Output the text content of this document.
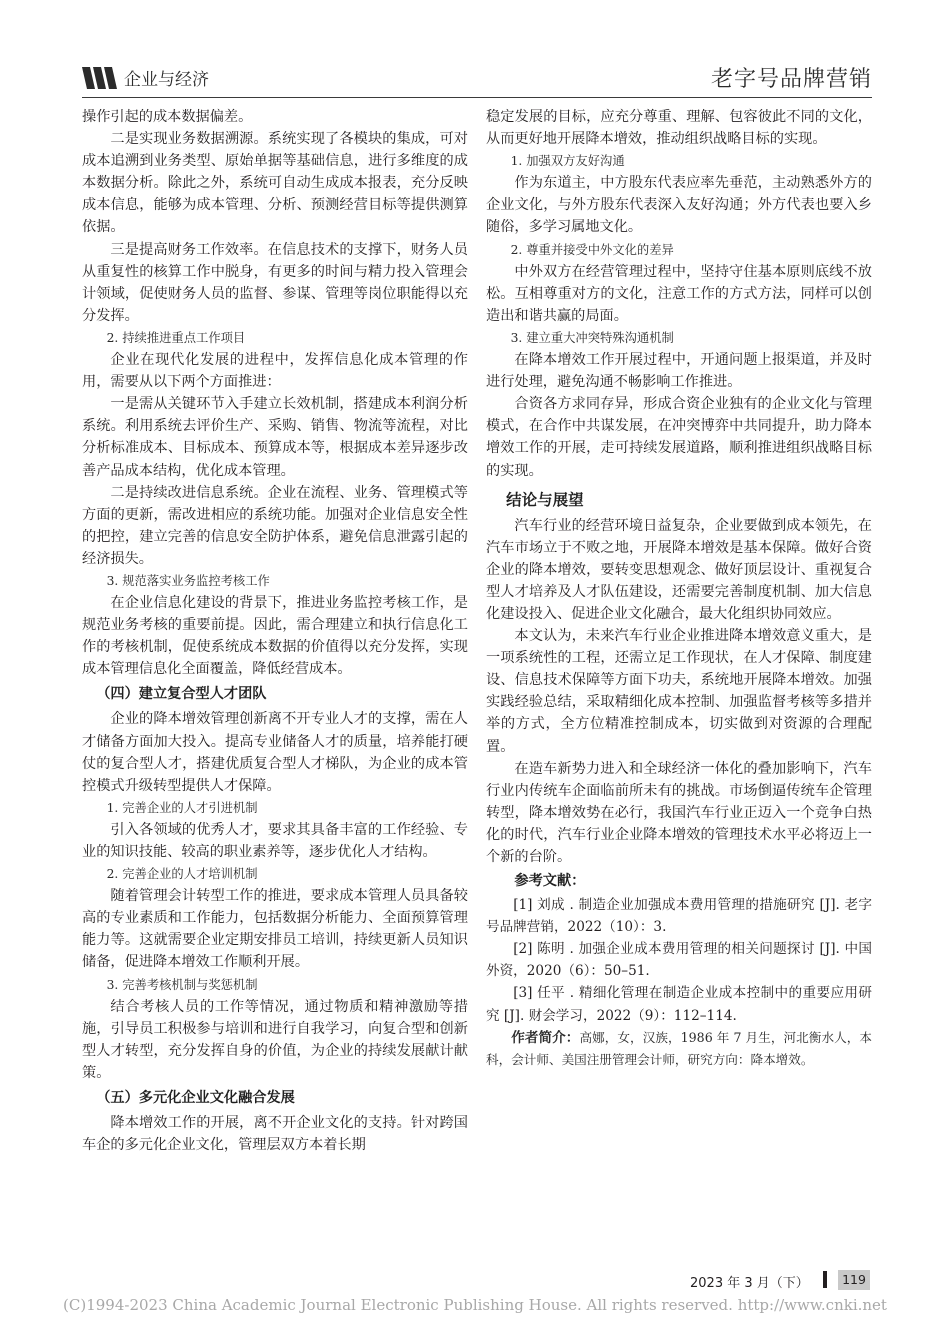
企业与经济	老字号品牌营销

操作引起的成本数据偏差。

二是实现业务数据溯源。系统实现了各模块的集成，可对成本追溯到业务类型、原始单据等基础信息，进行多维度的成本数据分析。除此之外，系统可自动生成成本报表，充分反映成本信息，能够为成本管理、分析、预测经营目标等提供测算依据。

三是提高财务工作效率。在信息技术的支撑下，财务人员从重复性的核算工作中脱身，有更多的时间与精力投入管理会计领域，促使财务人员的监督、参谋、管理等岗位职能得以充分发挥。

2. 持续推进重点工作项目

企业在现代化发展的进程中，发挥信息化成本管理的作用，需要从以下两个方面推进：

一是需从关键环节入手建立长效机制，搭建成本利润分析系统。利用系统去评价生产、采购、销售、物流等流程，对比分析标准成本、目标成本、预算成本等，根据成本差异逐步改善产品成本结构，优化成本管理。

二是持续改进信息系统。企业在流程、业务、管理模式等方面的更新，需改进相应的系统功能。加强对企业信息安全性的把控，建立完善的信息安全防护体系，避免信息泄露引起的经济损失。

3. 规范落实业务监控考核工作

在企业信息化建设的背景下，推进业务监控考核工作，是规范业务考核的重要前提。因此，需合理建立和执行信息化工作的考核机制，促使系统成本数据的价值得以充分发挥，实现成本管理信息化全面覆盖，降低经营成本。

（四）建立复合型人才团队

企业的降本增效管理创新离不开专业人才的支撑，需在人才储备方面加大投入。提高专业储备人才的质量，培养能打硬仗的复合型人才，搭建优质复合型人才梯队，为企业的成本管控模式升级转型提供人才保障。

1. 完善企业的人才引进机制

引入各领域的优秀人才，要求其具备丰富的工作经验、专业的知识技能、较高的职业素养等，逐步优化人才结构。

2. 完善企业的人才培训机制

随着管理会计转型工作的推进，要求成本管理人员具备较高的专业素质和工作能力，包括数据分析能力、全面预算管理能力等。这就需要企业定期安排员工培训，持续更新人员知识储备，促进降本增效工作顺利开展。

3. 完善考核机制与奖惩机制

结合考核人员的工作等情况，通过物质和精神激励等措施，引导员工积极参与培训和进行自我学习，向复合型和创新型人才转型，充分发挥自身的价值，为企业的持续发展献计献策。

（五）多元化企业文化融合发展

降本增效工作的开展，离不开企业文化的支持。针对跨国车企的多元化企业文化，管理层双方本着长期

稳定发展的目标，应充分尊重、理解、包容彼此不同的文化，从而更好地开展降本增效，推动组织战略目标的实现。

1. 加强双方友好沟通

作为东道主，中方股东代表应率先垂范，主动熟悉外方的企业文化，与外方股东代表深入友好沟通；外方代表也要入乡随俗，多学习属地文化。

2. 尊重并接受中外文化的差异

中外双方在经营管理过程中，坚持守住基本原则底线不放松。互相尊重对方的文化，注意工作的方式方法，同样可以创造出和谐共赢的局面。

3. 建立重大冲突特殊沟通机制

在降本增效工作开展过程中，开通问题上报渠道，并及时进行处理，避免沟通不畅影响工作推进。

合资各方求同存异，形成合资企业独有的企业文化与管理模式，在合作中共谋发展，在冲突博弈中共同提升，助力降本增效工作的开展，走可持续发展道路，顺利推进组织战略目标的实现。

结论与展望

汽车行业的经营环境日益复杂，企业要做到成本领先，在汽车市场立于不败之地，开展降本增效是基本保障。做好合资企业的降本增效，要转变思想观念、做好顶层设计、重视复合型人才培养及人才队伍建设，还需要完善制度机制、加大信息化建设投入、促进企业文化融合，最大化组织协同效应。

本文认为，未来汽车行业企业推进降本增效意义重大，是一项系统性的工程，还需立足工作现状，在人才保障、制度建设、信息技术保障等方面下功夫，系统地开展降本增效。加强实践经验总结，采取精细化成本控制、加强监督考核等多措并举的方式，全方位精准控制成本，切实做到对资源的合理配置。

在造车新势力进入和全球经济一体化的叠加影响下，汽车行业内传统车企面临前所未有的挑战。市场倒逼传统车企管理转型，降本增效势在必行，我国汽车行业正迈入一个竞争白热化的时代，汽车行业企业降本增效的管理技术水平必将迈上一个新的台阶。

参考文献：

[1] 刘成 . 制造企业加强成本费用管理的措施研究 [J]. 老字号品牌营销，2022（10）：3.

[2] 陈明 . 加强企业成本费用管理的相关问题探讨 [J]. 中国外资，2020（6）：50–51.

[3] 任平 . 精细化管理在制造企业成本控制中的重要应用研究 [J]. 财会学习，2022（9）：112–114.

作者简介：高娜，女，汉族，1986 年 7 月生，河北衡水人，本科，会计师、美国注册管理会计师，研究方向：降本增效。

2023 年 3 月（下）	119
(C)1994-2023 China Academic Journal Electronic Publishing House. All rights reserved. http://www.cnki.net
